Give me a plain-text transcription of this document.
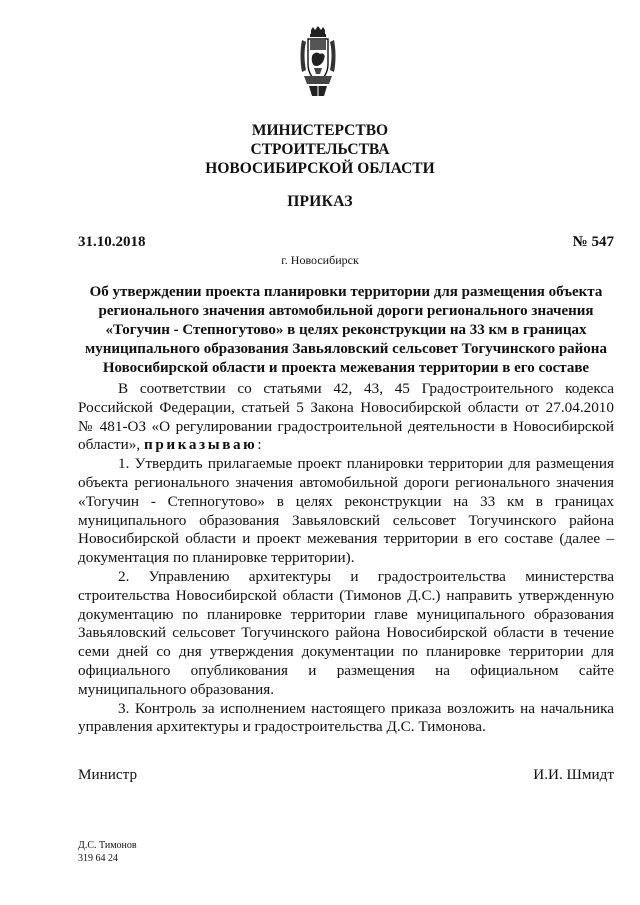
МИНИСТЕРСТВО
СТРОИТЕЛЬСТВА
НОВОСИБИРСКОЙ ОБЛАСТИ
ПРИКАЗ
31.10.2018	№ 547
г. Новосибирск
Об утверждении проекта планировки территории для размещения объекта
регионального значения автомобильной дороги регионального значения
«Тогучин - Степногутово» в целях реконструкции на 33 км в границах
муниципального образования Завьяловский сельсовет Тогучинского района
Новосибирской области и проекта межевания территории в его составе
В соответствии со статьями 42, 43, 45 Градостроительного кодекса
Российской Федерации, статьей 5 Закона Новосибирской области от 27.04.2010
№ 481-ОЗ «О регулировании градостроительной деятельности в Новосибирской
области», приказываю:
1. Утвердить прилагаемые проект планировки территории для размещения
объекта регионального значения автомобильной дороги регионального значения
«Тогучин - Степногутово» в целях реконструкции на 33 км в границах
муниципального образования Завьяловский сельсовет Тогучинского района
Новосибирской области и проект межевания территории в его составе (далее –
документация по планировке территории).
2. Управлению архитектуры и градостроительства министерства
строительства Новосибирской области (Тимонов Д.С.) направить утвержденную
документацию по планировке территории главе муниципального образования
Завьяловский сельсовет Тогучинского района Новосибирской области в течение
семи дней со дня утверждения документации по планировке территории для
официального опубликования и размещения на официальном сайте
муниципального образования.
3. Контроль за исполнением настоящего приказа возложить на начальника
управления архитектуры и градостроительства Д.С. Тимонова.
Министр	И.И. Шмидт
Д.С. Тимонов
319 64 24
